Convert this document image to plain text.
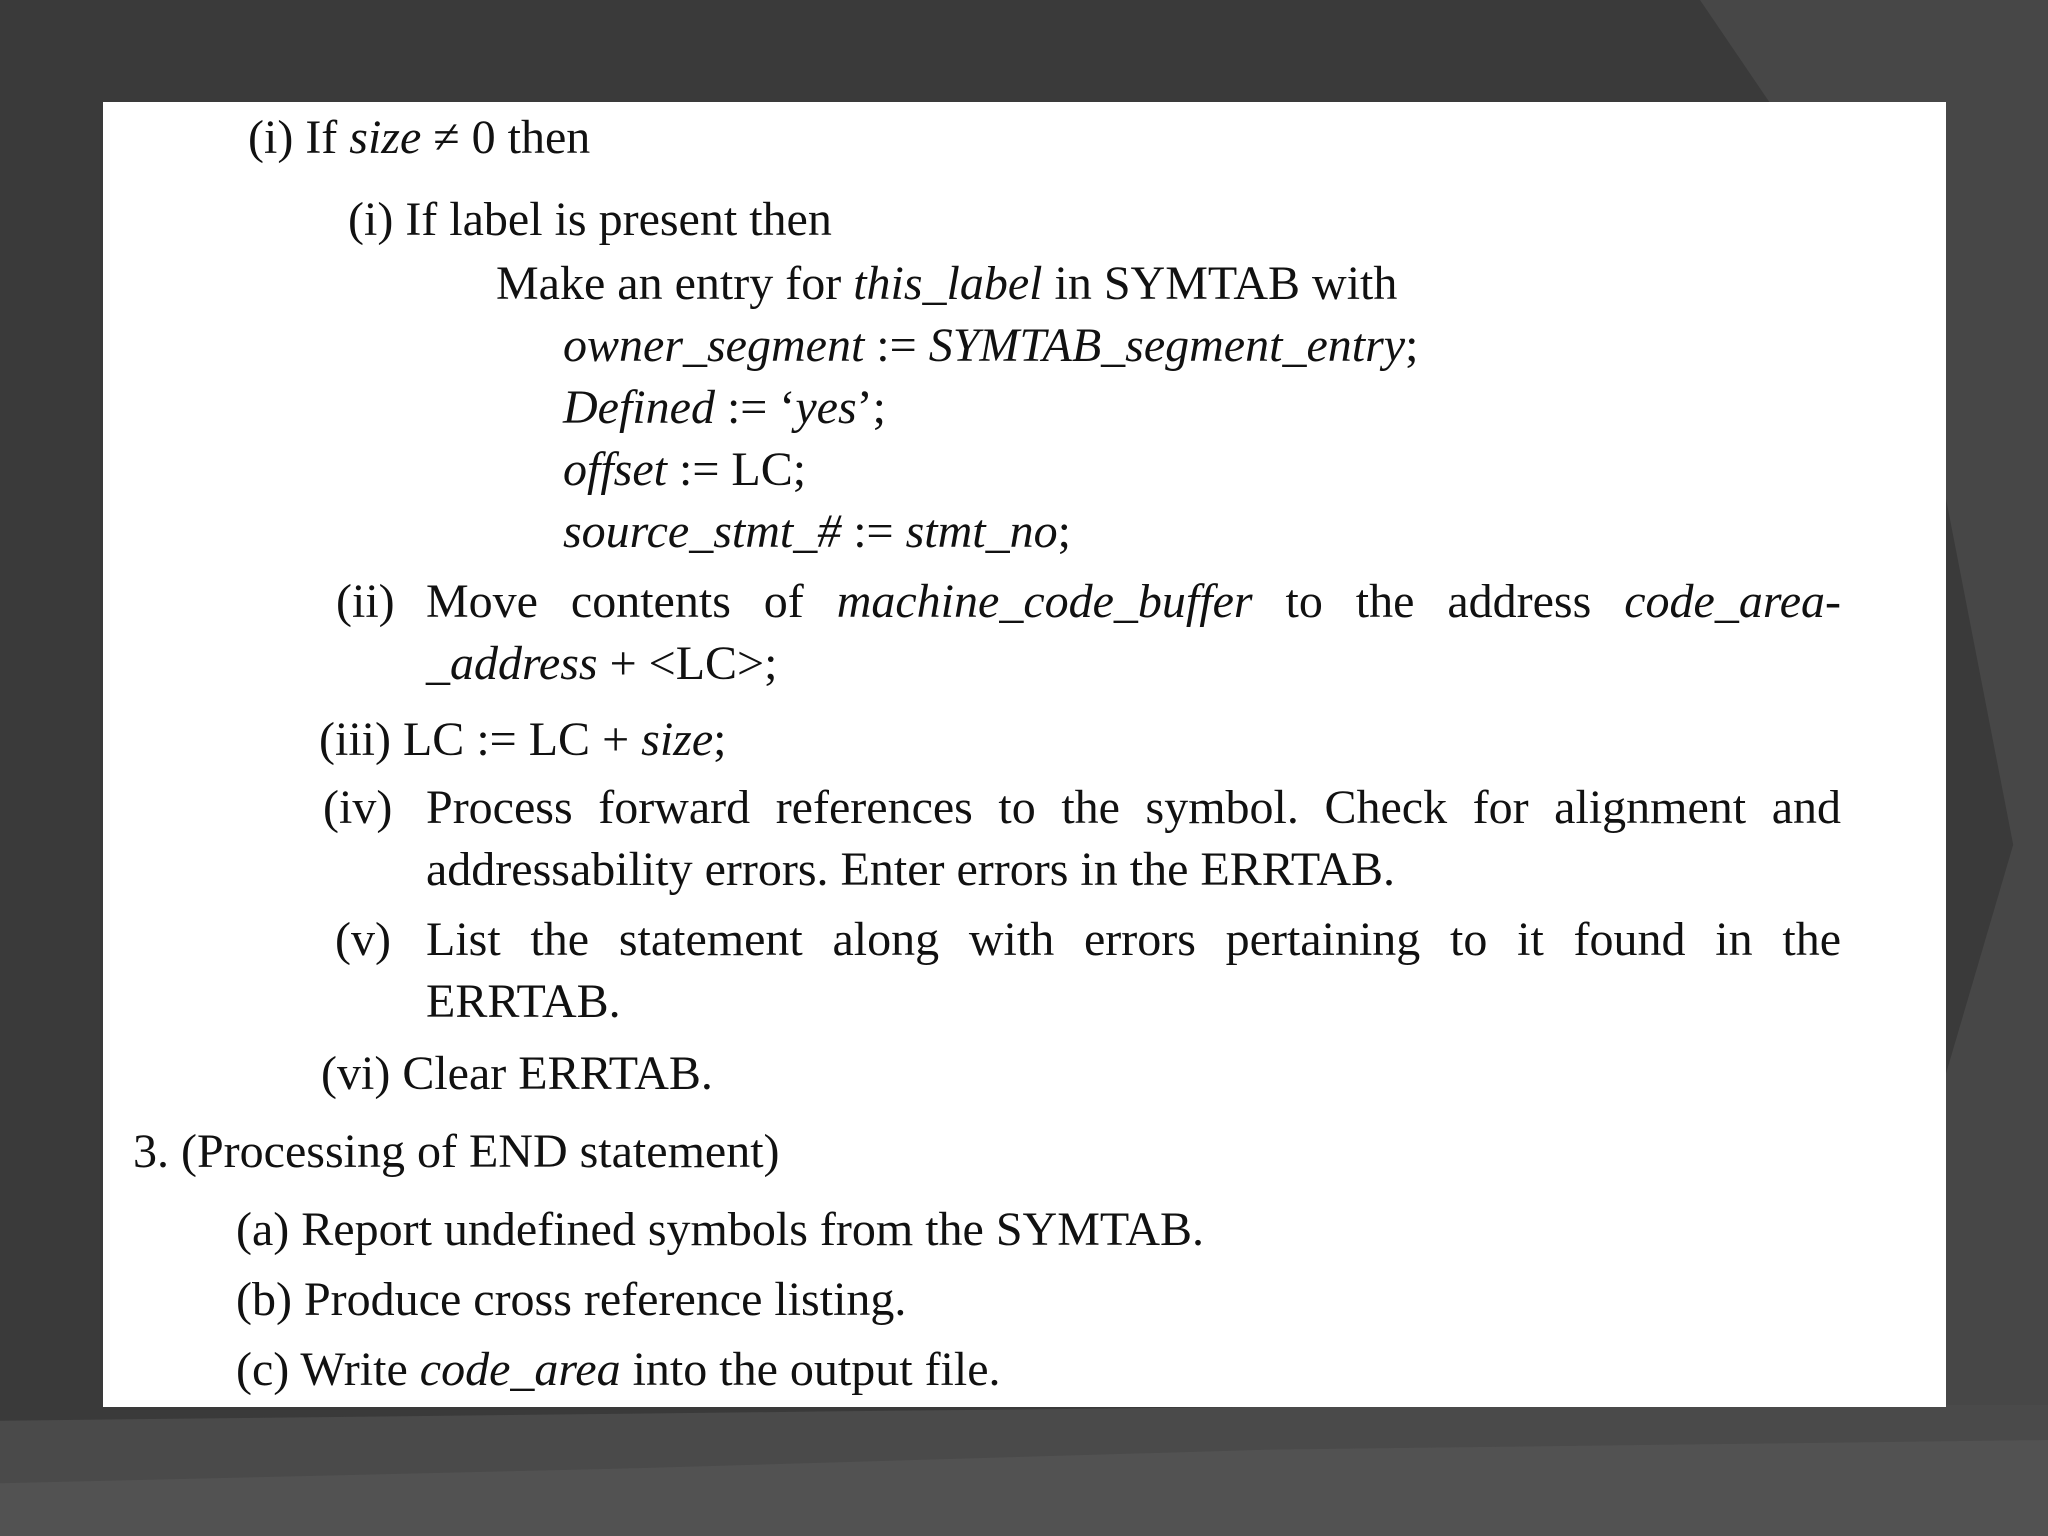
(i) If size ≠ 0 then
(i) If label is present then
Make an entry for this_label in SYMTAB with
owner_segment := SYMTAB_segment_entry;
Defined := ‘yes’;
offset := LC;
source_stmt_# := stmt_no;
(ii) Move contents of machine_code_buffer to the address code_area-
_address + <LC>;
(iii) LC := LC + size;
(iv) Process forward references to the symbol. Check for alignment and
addressability errors. Enter errors in the ERRTAB.
(v) List the statement along with errors pertaining to it found in the
ERRTAB.
(vi) Clear ERRTAB.
3. (Processing of END statement)
(a) Report undefined symbols from the SYMTAB.
(b) Produce cross reference listing.
(c) Write code_area into the output file.
